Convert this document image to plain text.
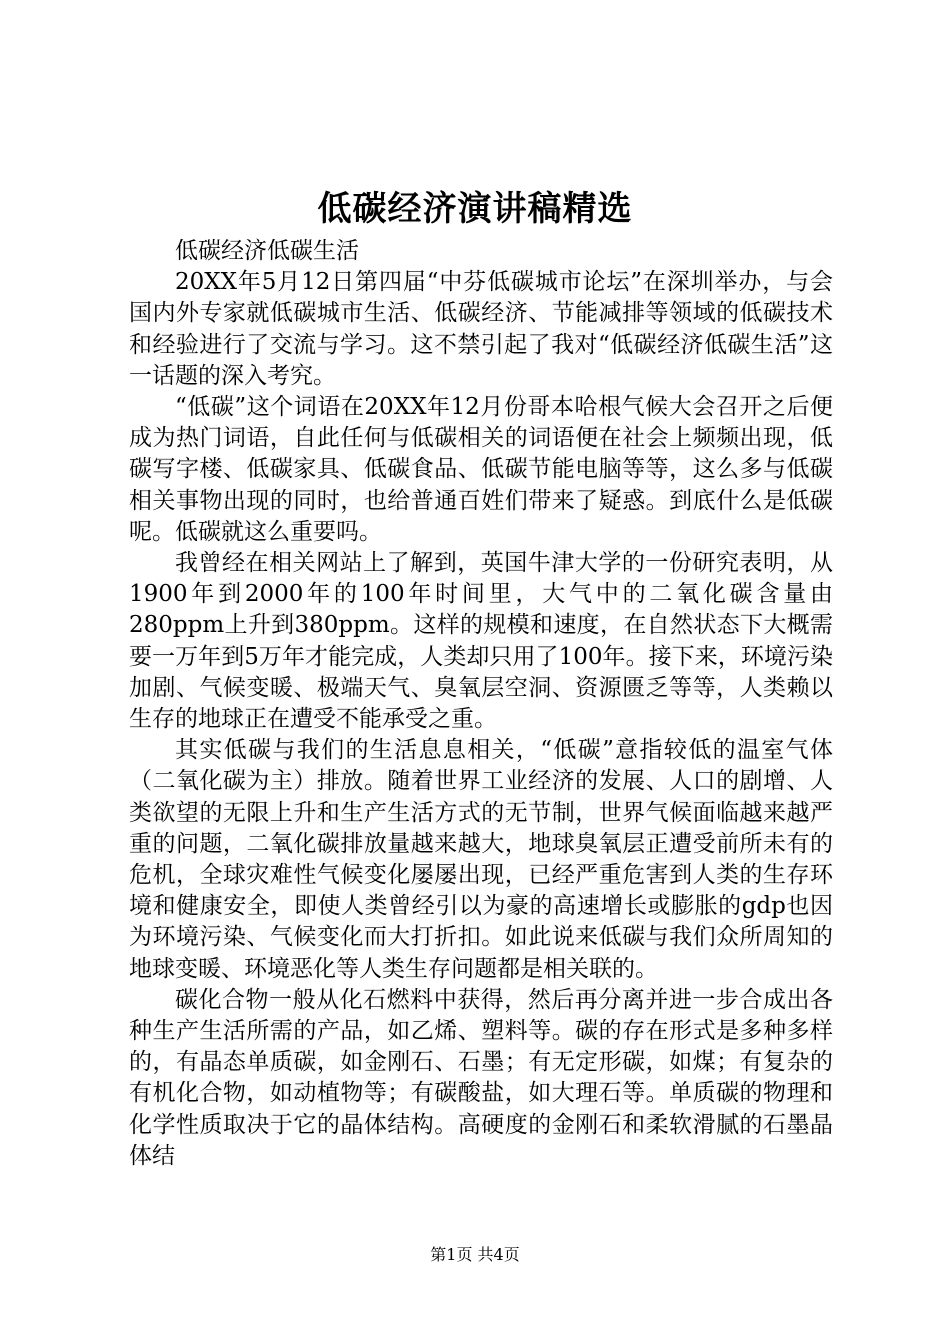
低碳经济演讲稿精选

低碳经济低碳生活

20XX年5月12日第四届“中芬低碳城市论坛”在深圳举办，与会国内外专家就低碳城市生活、低碳经济、节能减排等领域的低碳技术和经验进行了交流与学习。这不禁引起了我对“低碳经济低碳生活”这一话题的深入考究。

“低碳”这个词语在20XX年12月份哥本哈根气候大会召开之后便成为热门词语，自此任何与低碳相关的词语便在社会上频频出现，低碳写字楼、低碳家具、低碳食品、低碳节能电脑等等，这么多与低碳相关事物出现的同时，也给普通百姓们带来了疑惑。到底什么是低碳呢。低碳就这么重要吗。

我曾经在相关网站上了解到，英国牛津大学的一份研究表明，从1900年到2000年的100年时间里，大气中的二氧化碳含量由280ppm上升到380ppm。这样的规模和速度，在自然状态下大概需要一万年到5万年才能完成，人类却只用了100年。接下来，环境污染加剧、气候变暖、极端天气、臭氧层空洞、资源匮乏等等，人类赖以生存的地球正在遭受不能承受之重。

其实低碳与我们的生活息息相关，“低碳”意指较低的温室气体（二氧化碳为主）排放。随着世界工业经济的发展、人口的剧增、人类欲望的无限上升和生产生活方式的无节制，世界气候面临越来越严重的问题，二氧化碳排放量越来越大，地球臭氧层正遭受前所未有的危机，全球灾难性气候变化屡屡出现，已经严重危害到人类的生存环境和健康安全，即使人类曾经引以为豪的高速增长或膨胀的gdp也因为环境污染、气候变化而大打折扣。如此说来低碳与我们众所周知的地球变暖、环境恶化等人类生存问题都是相关联的。

碳化合物一般从化石燃料中获得，然后再分离并进一步合成出各种生产生活所需的产品，如乙烯、塑料等。碳的存在形式是多种多样的，有晶态单质碳，如金刚石、石墨；有无定形碳，如煤；有复杂的有机化合物，如动植物等；有碳酸盐，如大理石等。单质碳的物理和化学性质取决于它的晶体结构。高硬度的金刚石和柔软滑腻的石墨晶体结

第1页 共4页
